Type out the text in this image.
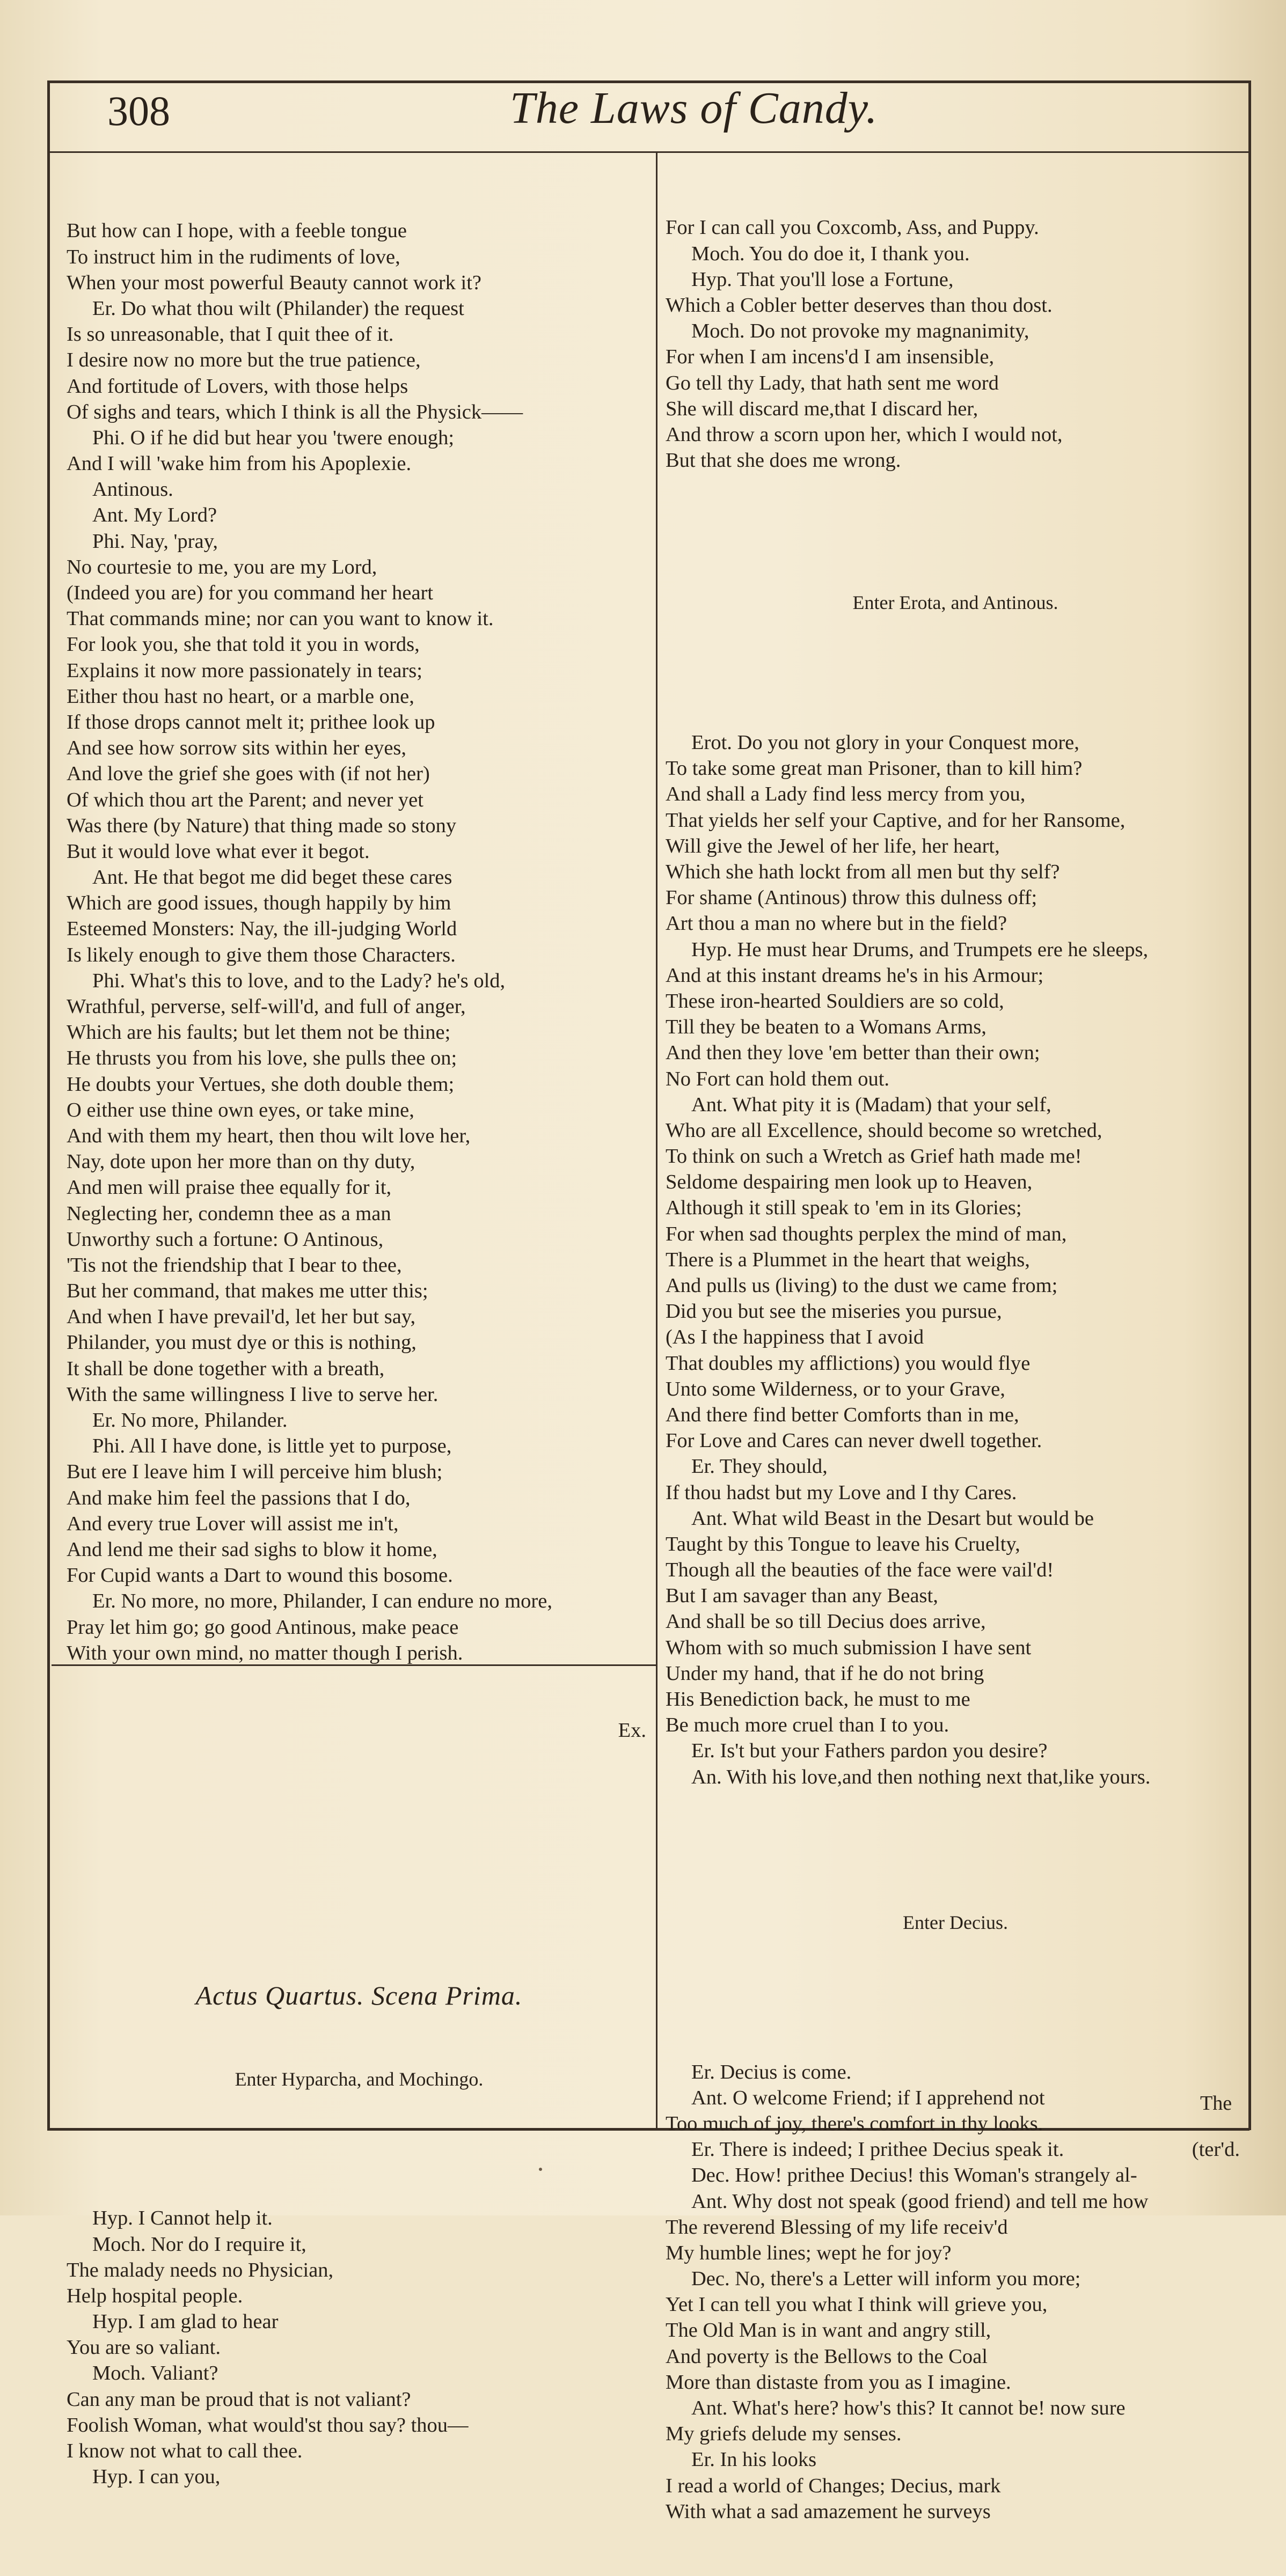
308	The Laws of Candy.

But how can I hope, with a feeble tongue
To instruct him in the rudiments of love,
When your most powerful Beauty cannot work it?
Er. Do what thou wilt (Philander) the request
Is so unreasonable, that I quit thee of it.
I desire now no more but the true patience,
And fortitude of Lovers, with those helps
Of sighs and tears, which I think is all the Physick——
Phi. O if he did but hear you 'twere enough;
And I will 'wake him from his Apoplexie.
Antinous.
Ant. My Lord?
Phi. Nay, 'pray,
No courtesie to me, you are my Lord,
(Indeed you are) for you command her heart
That commands mine; nor can you want to know it.
For look you, she that told it you in words,
Explains it now more passionately in tears;
Either thou hast no heart, or a marble one,
If those drops cannot melt it; prithee look up
And see how sorrow sits within her eyes,
And love the grief she goes with (if not her)
Of which thou art the Parent; and never yet
Was there (by Nature) that thing made so stony
But it would love what ever it begot.
Ant. He that begot me did beget these cares
Which are good issues, though happily by him
Esteemed Monsters: Nay, the ill-judging World
Is likely enough to give them those Characters.
Phi. What's this to love, and to the Lady? he's old,
Wrathful, perverse, self-will'd, and full of anger,
Which are his faults; but let them not be thine;
He thrusts you from his love, she pulls thee on;
He doubts your Vertues, she doth double them;
O either use thine own eyes, or take mine,
And with them my heart, then thou wilt love her,
Nay, dote upon her more than on thy duty,
And men will praise thee equally for it,
Neglecting her, condemn thee as a man
Unworthy such a fortune: O Antinous,
'Tis not the friendship that I bear to thee,
But her command, that makes me utter this;
And when I have prevail'd, let her but say,
Philander, you must dye or this is nothing,
It shall be done together with a breath,
With the same willingness I live to serve her.
Er. No more, Philander.
Phi. All I have done, is little yet to purpose,
But ere I leave him I will perceive him blush;
And make him feel the passions that I do,
And every true Lover will assist me in't,
And lend me their sad sighs to blow it home,
For Cupid wants a Dart to wound this bosome.
Er. No more, no more, Philander, I can endure no more,
Pray let him go; go good Antinous, make peace
With your own mind, no matter though I perish.

Ex.

Actus Quartus. Scena Prima.

Enter Hyparcha, and Mochingo.

Hyp. I Cannot help it.
Moch. Nor do I require it,
The malady needs no Physician,
Help hospital people.
Hyp. I am glad to hear
You are so valiant.
Moch. Valiant?
Can any man be proud that is not valiant?
Foolish Woman, what would'st thou say? thou—
I know not what to call thee.
Hyp. I can you,

For I can call you Coxcomb, Ass, and Puppy.
Moch. You do doe it, I thank you.
Hyp. That you'll lose a Fortune,
Which a Cobler better deserves than thou dost.
Moch. Do not provoke my magnanimity,
For when I am incens'd I am insensible,
Go tell thy Lady, that hath sent me word
She will discard me,that I discard her,
And throw a scorn upon her, which I would not,
But that she does me wrong.

Enter Erota, and Antinous.

Erot. Do you not glory in your Conquest more,
To take some great man Prisoner, than to kill him?
And shall a Lady find less mercy from you,
That yields her self your Captive, and for her Ransome,
Will give the Jewel of her life, her heart,
Which she hath lockt from all men but thy self?
For shame (Antinous) throw this dulness off;
Art thou a man no where but in the field?
Hyp. He must hear Drums, and Trumpets ere he sleeps,
And at this instant dreams he's in his Armour;
These iron-hearted Souldiers are so cold,
Till they be beaten to a Womans Arms,
And then they love 'em better than their own;
No Fort can hold them out.
Ant. What pity it is (Madam) that your self,
Who are all Excellence, should become so wretched,
To think on such a Wretch as Grief hath made me!
Seldome despairing men look up to Heaven,
Although it still speak to 'em in its Glories;
For when sad thoughts perplex the mind of man,
There is a Plummet in the heart that weighs,
And pulls us (living) to the dust we came from;
Did you but see the miseries you pursue,
(As I the happiness that I avoid
That doubles my afflictions) you would flye
Unto some Wilderness, or to your Grave,
And there find better Comforts than in me,
For Love and Cares can never dwell together.
Er. They should,
If thou hadst but my Love and I thy Cares.
Ant. What wild Beast in the Desart but would be
Taught by this Tongue to leave his Cruelty,
Though all the beauties of the face were vail'd!
But I am savager than any Beast,
And shall be so till Decius does arrive,
Whom with so much submission I have sent
Under my hand, that if he do not bring
His Benediction back, he must to me
Be much more cruel than I to you.
Er. Is't but your Fathers pardon you desire?
An. With his love,and then nothing next that,like yours.

Enter Decius.

Er. Decius is come.
Ant. O welcome Friend; if I apprehend not
Too much of joy, there's comfort in thy looks.
Er. There is indeed; I prithee Decius speak it.	(ter'd.
Dec. How! prithee Decius! this Woman's strangely al-
Ant. Why dost not speak (good friend) and tell me how
The reverend Blessing of my life receiv'd
My humble lines; wept he for joy?
Dec. No, there's a Letter will inform you more;
Yet I can tell you what I think will grieve you,
The Old Man is in want and angry still,
And poverty is the Bellows to the Coal
More than distaste from you as I imagine.
Ant. What's here? how's this? It cannot be! now sure
My griefs delude my senses.
Er. In his looks
I read a world of Changes; Decius, mark
With what a sad amazement he surveys

The
